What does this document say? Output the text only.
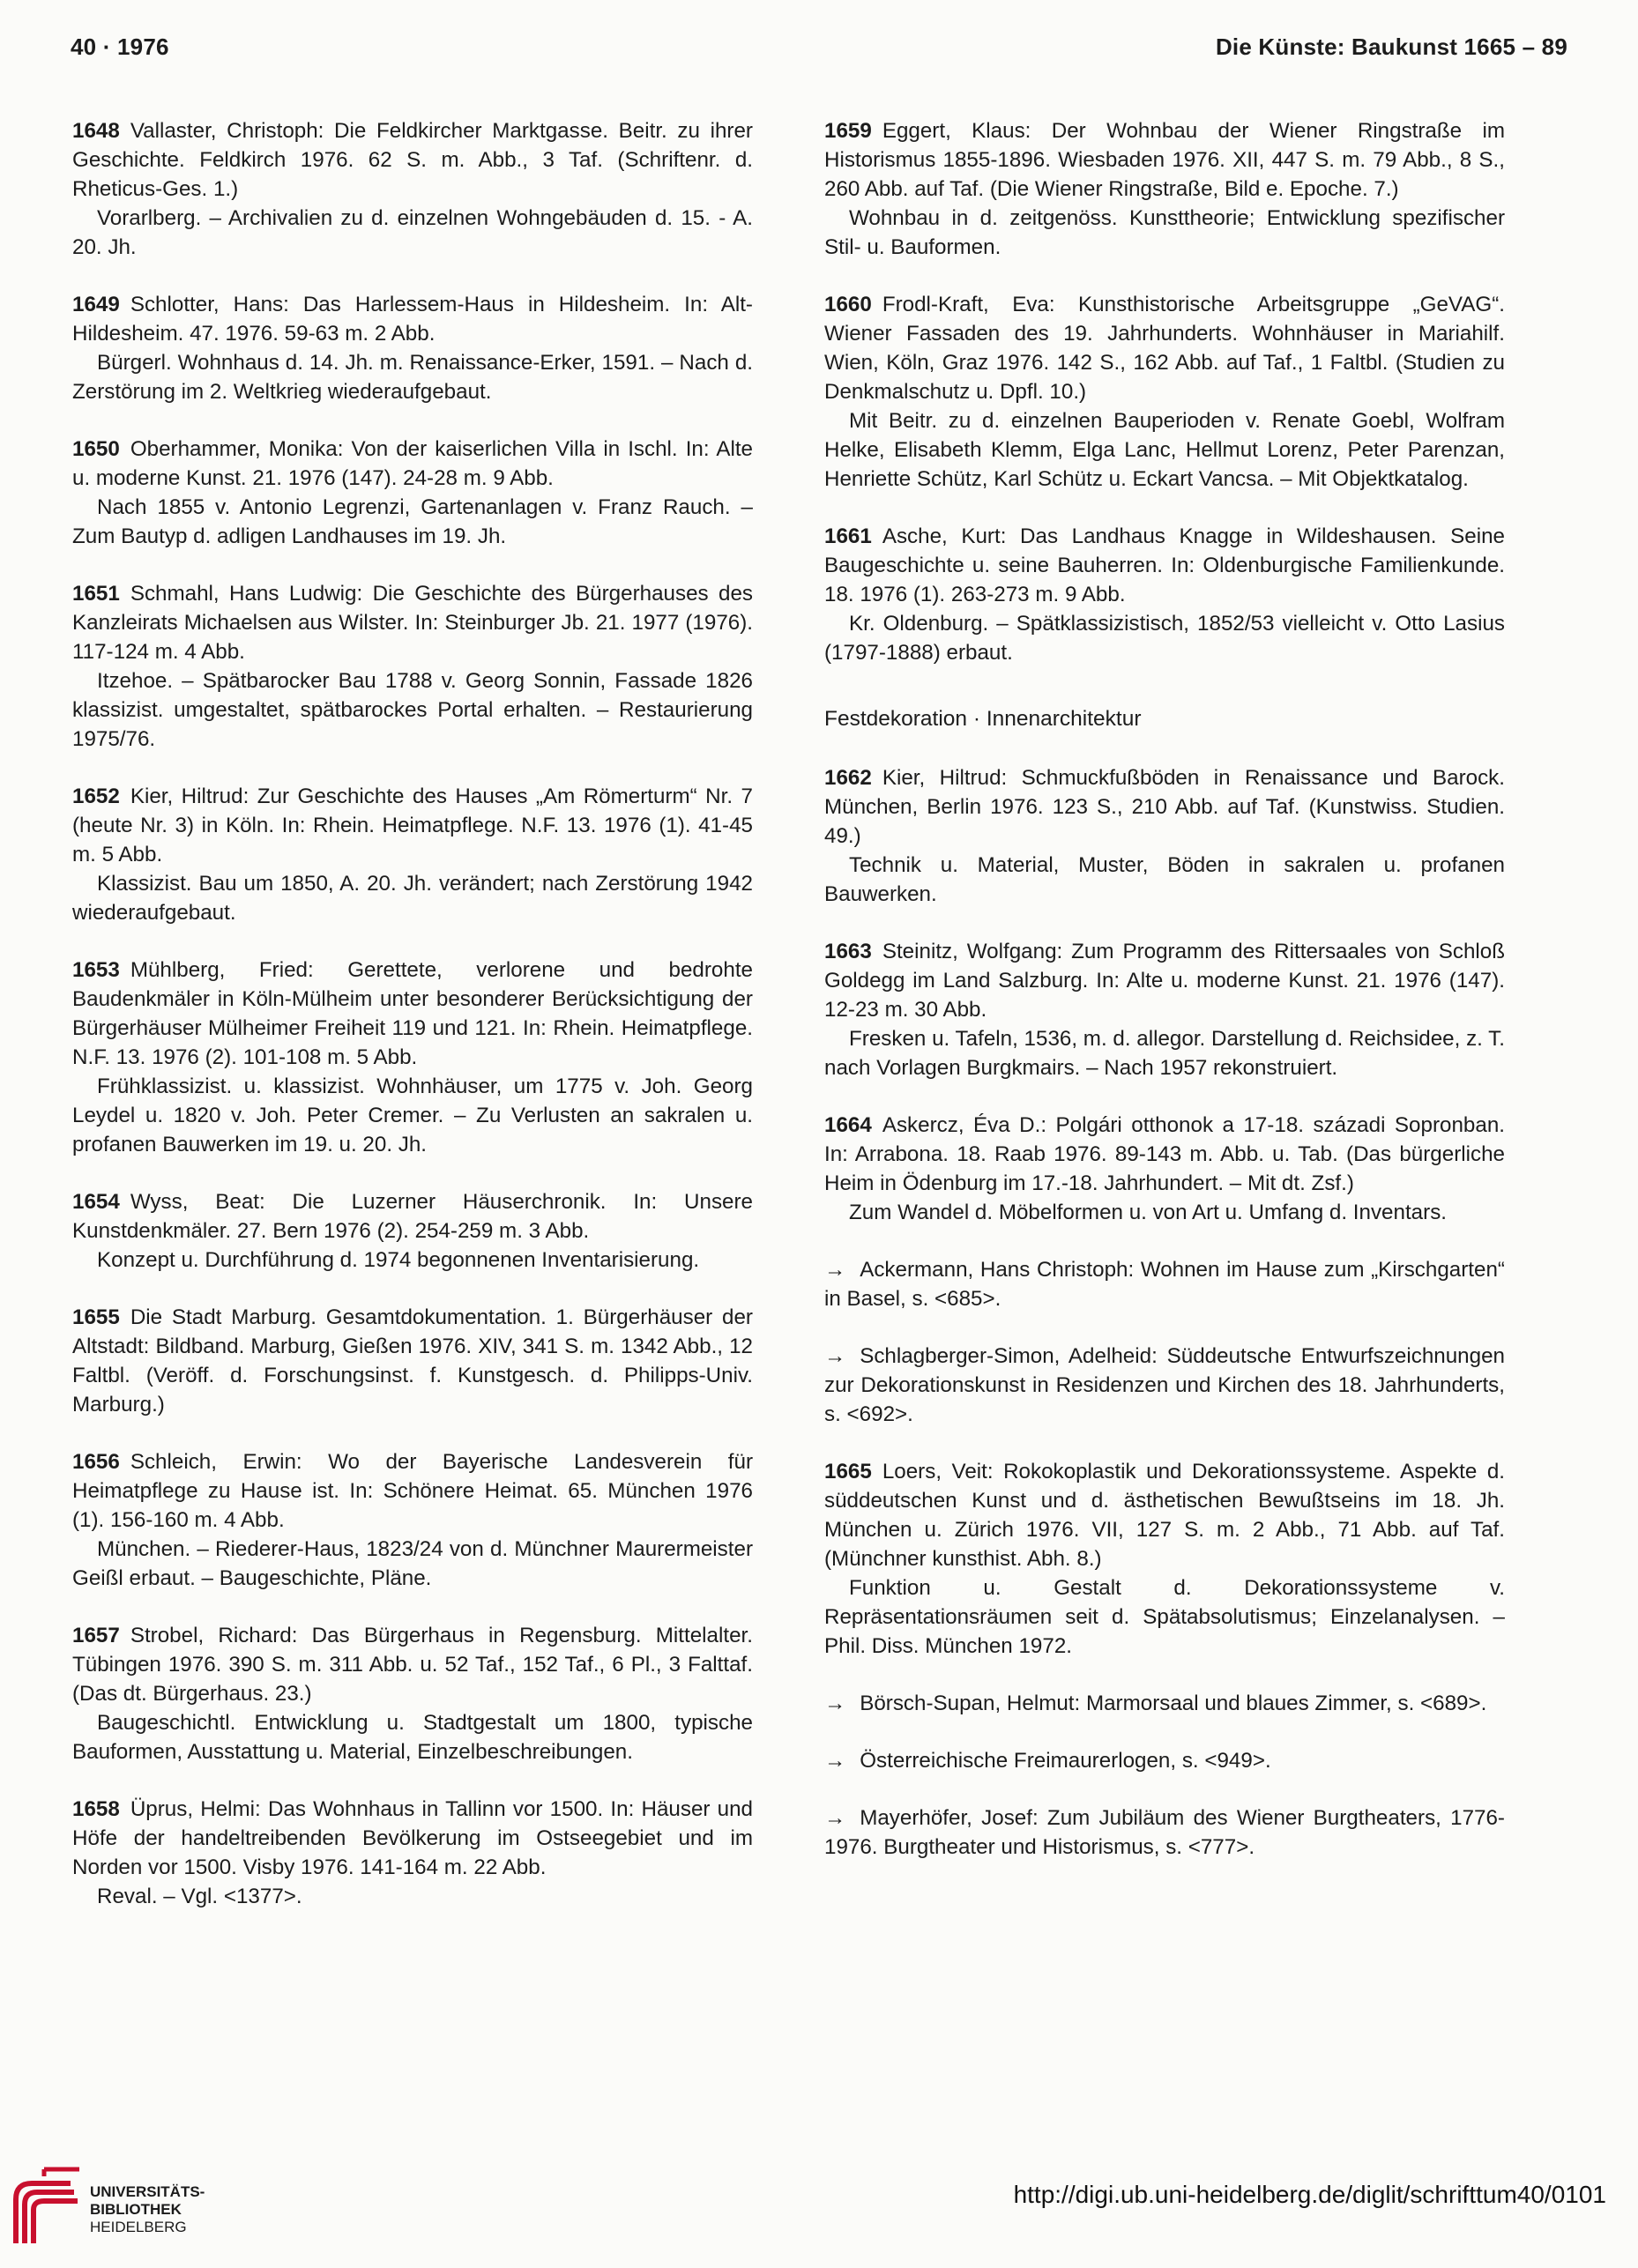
40 · 1976	Die Künste: Baukunst 1665 – 89

1648 Vallaster, Christoph: Die Feldkircher Marktgasse. Beitr. zu ihrer Geschichte. Feldkirch 1976. 62 S. m. Abb., 3 Taf. (Schriftenr. d. Rheticus-Ges. 1.)

Vorarlberg. – Archivalien zu d. einzelnen Wohngebäuden d. 15. - A. 20. Jh.

1649 Schlotter, Hans: Das Harlessem-Haus in Hildesheim. In: Alt-Hildesheim. 47. 1976. 59-63 m. 2 Abb.

Bürgerl. Wohnhaus d. 14. Jh. m. Renaissance-Erker, 1591. – Nach d. Zerstörung im 2. Weltkrieg wiederaufgebaut.

1650 Oberhammer, Monika: Von der kaiserlichen Villa in Ischl. In: Alte u. moderne Kunst. 21. 1976 (147). 24-28 m. 9 Abb.

Nach 1855 v. Antonio Legrenzi, Gartenanlagen v. Franz Rauch. – Zum Bautyp d. adligen Landhauses im 19. Jh.

1651 Schmahl, Hans Ludwig: Die Geschichte des Bürgerhauses des Kanzleirats Michaelsen aus Wilster. In: Steinburger Jb. 21. 1977 (1976). 117-124 m. 4 Abb.

Itzehoe. – Spätbarocker Bau 1788 v. Georg Sonnin, Fassade 1826 klassizist. umgestaltet, spätbarockes Portal erhalten. – Restaurierung 1975/76.

1652 Kier, Hiltrud: Zur Geschichte des Hauses „Am Römerturm“ Nr. 7 (heute Nr. 3) in Köln. In: Rhein. Heimatpflege. N.F. 13. 1976 (1). 41-45 m. 5 Abb.

Klassizist. Bau um 1850, A. 20. Jh. verändert; nach Zerstörung 1942 wiederaufgebaut.

1653 Mühlberg, Fried: Gerettete, verlorene und bedrohte Baudenkmäler in Köln-Mülheim unter besonderer Berücksichtigung der Bürgerhäuser Mülheimer Freiheit 119 und 121. In: Rhein. Heimatpflege. N.F. 13. 1976 (2). 101-108 m. 5 Abb.

Frühklassizist. u. klassizist. Wohnhäuser, um 1775 v. Joh. Georg Leydel u. 1820 v. Joh. Peter Cremer. – Zu Verlusten an sakralen u. profanen Bauwerken im 19. u. 20. Jh.

1654 Wyss, Beat: Die Luzerner Häuserchronik. In: Unsere Kunstdenkmäler. 27. Bern 1976 (2). 254-259 m. 3 Abb.

Konzept u. Durchführung d. 1974 begonnenen Inventarisierung.

1655 Die Stadt Marburg. Gesamtdokumentation. 1. Bürgerhäuser der Altstadt: Bildband. Marburg, Gießen 1976. XIV, 341 S. m. 1342 Abb., 12 Faltbl. (Veröff. d. Forschungsinst. f. Kunstgesch. d. Philipps-Univ. Marburg.)

1656 Schleich, Erwin: Wo der Bayerische Landesverein für Heimatpflege zu Hause ist. In: Schönere Heimat. 65. München 1976 (1). 156-160 m. 4 Abb.

München. – Riederer-Haus, 1823/24 von d. Münchner Maurermeister Geißl erbaut. – Baugeschichte, Pläne.

1657 Strobel, Richard: Das Bürgerhaus in Regensburg. Mittelalter. Tübingen 1976. 390 S. m. 311 Abb. u. 52 Taf., 152 Taf., 6 Pl., 3 Falttaf. (Das dt. Bürgerhaus. 23.)

Baugeschichtl. Entwicklung u. Stadtgestalt um 1800, typische Bauformen, Ausstattung u. Material, Einzelbeschreibungen.

1658 Üprus, Helmi: Das Wohnhaus in Tallinn vor 1500. In: Häuser und Höfe der handeltreibenden Bevölkerung im Ostseegebiet und im Norden vor 1500. Visby 1976. 141-164 m. 22 Abb.

Reval. – Vgl. <1377>.

1659 Eggert, Klaus: Der Wohnbau der Wiener Ringstraße im Historismus 1855-1896. Wiesbaden 1976. XII, 447 S. m. 79 Abb., 8 S., 260 Abb. auf Taf. (Die Wiener Ringstraße, Bild e. Epoche. 7.)

Wohnbau in d. zeitgenöss. Kunsttheorie; Entwicklung spezifischer Stil- u. Bauformen.

1660 Frodl-Kraft, Eva: Kunsthistorische Arbeitsgruppe „GeVAG“. Wiener Fassaden des 19. Jahrhunderts. Wohnhäuser in Mariahilf. Wien, Köln, Graz 1976. 142 S., 162 Abb. auf Taf., 1 Faltbl. (Studien zu Denkmalschutz u. Dpfl. 10.)

Mit Beitr. zu d. einzelnen Bauperioden v. Renate Goebl, Wolfram Helke, Elisabeth Klemm, Elga Lanc, Hellmut Lorenz, Peter Parenzan, Henriette Schütz, Karl Schütz u. Eckart Vancsa. – Mit Objektkatalog.

1661 Asche, Kurt: Das Landhaus Knagge in Wildeshausen. Seine Baugeschichte u. seine Bauherren. In: Oldenburgische Familienkunde. 18. 1976 (1). 263-273 m. 9 Abb.

Kr. Oldenburg. – Spätklassizistisch, 1852/53 vielleicht v. Otto Lasius (1797-1888) erbaut.

Festdekoration · Innenarchitektur

1662 Kier, Hiltrud: Schmuckfußböden in Renaissance und Barock. München, Berlin 1976. 123 S., 210 Abb. auf Taf. (Kunstwiss. Studien. 49.)

Technik u. Material, Muster, Böden in sakralen u. profanen Bauwerken.

1663 Steinitz, Wolfgang: Zum Programm des Rittersaales von Schloß Goldegg im Land Salzburg. In: Alte u. moderne Kunst. 21. 1976 (147). 12-23 m. 30 Abb.

Fresken u. Tafeln, 1536, m. d. allegor. Darstellung d. Reichsidee, z. T. nach Vorlagen Burgkmairs. – Nach 1957 rekonstruiert.

1664 Askercz, Éva D.: Polgári otthonok a 17-18. századi Sopronban. In: Arrabona. 18. Raab 1976. 89-143 m. Abb. u. Tab. (Das bürgerliche Heim in Ödenburg im 17.-18. Jahrhundert. – Mit dt. Zsf.)

Zum Wandel d. Möbelformen u. von Art u. Umfang d. Inventars.

→ Ackermann, Hans Christoph: Wohnen im Hause zum „Kirschgarten“ in Basel, s. <685>.

→ Schlagberger-Simon, Adelheid: Süddeutsche Entwurfszeichnungen zur Dekorationskunst in Residenzen und Kirchen des 18. Jahrhunderts, s. <692>.

1665 Loers, Veit: Rokokoplastik und Dekorationssysteme. Aspekte d. süddeutschen Kunst und d. ästhetischen Bewußtseins im 18. Jh. München u. Zürich 1976. VII, 127 S. m. 2 Abb., 71 Abb. auf Taf. (Münchner kunsthist. Abh. 8.)

Funktion u. Gestalt d. Dekorationssysteme v. Repräsentationsräumen seit d. Spätabsolutismus; Einzelanalysen. – Phil. Diss. München 1972.

→ Börsch-Supan, Helmut: Marmorsaal und blaues Zimmer, s. <689>.

→ Österreichische Freimaurerlogen, s. <949>.

→ Mayerhöfer, Josef: Zum Jubiläum des Wiener Burgtheaters, 1776-1976. Burgtheater und Historismus, s. <777>.

UNIVERSITÄTS-
BIBLIOTHEK
HEIDELBERG
http://digi.ub.uni-heidelberg.de/diglit/schrifttum40/0101
